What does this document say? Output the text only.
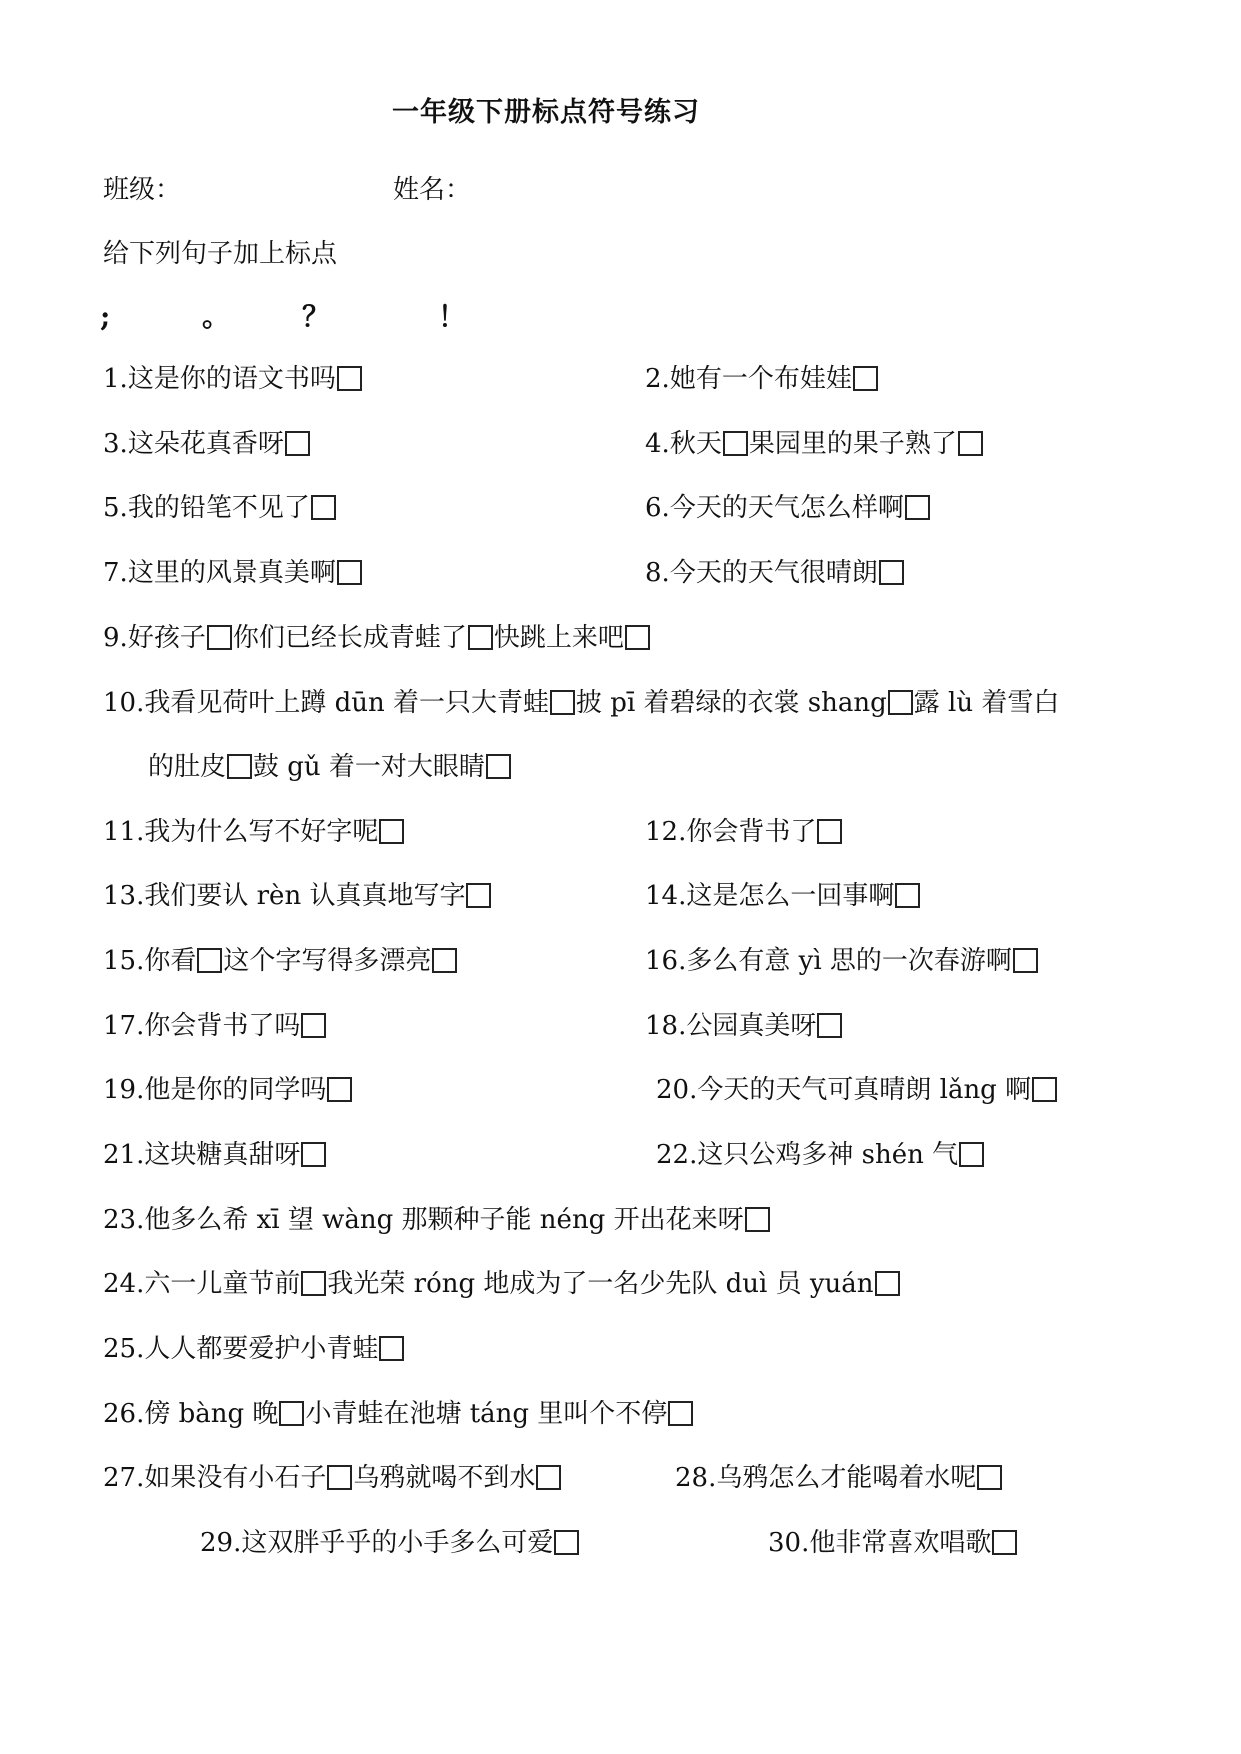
一年级下册标点符号练习
班级：	姓名：
给下列句子加上标点
;	。	？	！
1.这是你的语文书吗	2.她有一个布娃娃
3.这朵花真香呀	4.秋天 果园里的果子熟了
5.我的铅笔不见了	6.今天的天气怎么样啊
7.这里的风景真美啊	8.今天的天气很晴朗
9.好孩子 你们已经长成青蛙了 快跳上来吧
10.我看见荷叶上蹲 dūn 着一只大青蛙 披 pī 着碧绿的衣裳 shang 露 lù 着雪白
的肚皮 鼓 gǔ 着一对大眼睛
11.我为什么写不好字呢	12.你会背书了
13.我们要认 rèn 认真真地写字	14.这是怎么一回事啊
15.你看 这个字写得多漂亮	16.多么有意 yì 思的一次春游啊
17.你会背书了吗	18.公园真美呀
19.他是你的同学吗	20.今天的天气可真晴朗 lǎng 啊
21.这块糖真甜呀	22.这只公鸡多神 shén 气
23.他多么希 xī 望 wàng 那颗种子能 néng 开出花来呀
24.六一儿童节前 我光荣 róng 地成为了一名少先队 duì 员 yuán
25.人人都要爱护小青蛙
26.傍 bàng 晚 小青蛙在池塘 táng 里叫个不停
27.如果没有小石子 乌鸦就喝不到水	28.乌鸦怎么才能喝着水呢
29.这双胖乎乎的小手多么可爱	30.他非常喜欢唱歌
